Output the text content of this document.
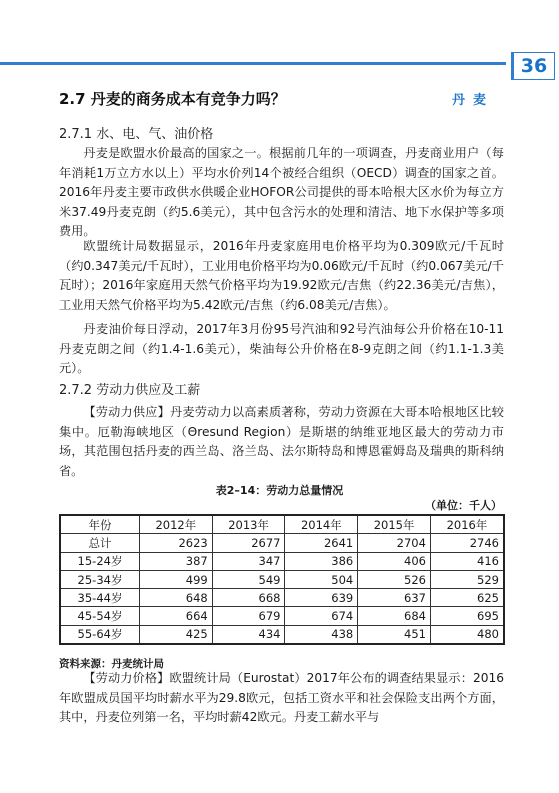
丹麦
36
2.7 丹麦的商务成本有竞争力吗？
2.7.1 水、电、气、油价格

丹麦是欧盟水价最高的国家之一。根据前几年的一项调查，丹麦商业用户（每年消耗1万立方水以上）平均水价列14个被经合组织（OECD）调查的国家之首。2016年丹麦主要市政供水供暖企业HOFOR公司提供的哥本哈根大区水价为每立方米37.49丹麦克朗（约5.6美元），其中包含污水的处理和清洁、地下水保护等多项费用。

欧盟统计局数据显示，2016年丹麦家庭用电价格平均为0.309欧元/千瓦时（约0.347美元/千瓦时），工业用电价格平均为0.06欧元/千瓦时（约0.067美元/千瓦时）；2016年家庭用天然气价格平均为19.92欧元/吉焦（约22.36美元/吉焦），工业用天然气价格平均为5.42欧元/吉焦（约6.08美元/吉焦）。

丹麦油价每日浮动，2017年3月份95号汽油和92号汽油每公升价格在10-11丹麦克朗之间（约1.4-1.6美元），柴油每公升价格在8-9克朗之间（约1.1-1.3美元）。

2.7.2 劳动力供应及工薪

【劳动力供应】丹麦劳动力以高素质著称，劳动力资源在大哥本哈根地区比较集中。厄勒海峡地区（Θresund Region）是斯堪的纳维亚地区最大的劳动力市场，其范围包括丹麦的西兰岛、洛兰岛、法尔斯特岛和博恩霍姆岛及瑞典的斯科纳省。

表2–14：劳动力总量情况
（单位：千人）
年份	2012年	2013年	2014年	2015年	2016年
总计	2623	2677	2641	2704	2746
15-24岁	387	347	386	406	416
25-34岁	499	549	504	526	529
35-44岁	648	668	639	637	625
45-54岁	664	679	674	684	695
55-64岁	425	434	438	451	480
资料来源：丹麦统计局

【劳动力价格】欧盟统计局（Eurostat）2017年公布的调查结果显示：2016年欧盟成员国平均时薪水平为29.8欧元，包括工资水平和社会保险支出两个方面，其中，丹麦位列第一名，平均时薪42欧元。丹麦工薪水平与
